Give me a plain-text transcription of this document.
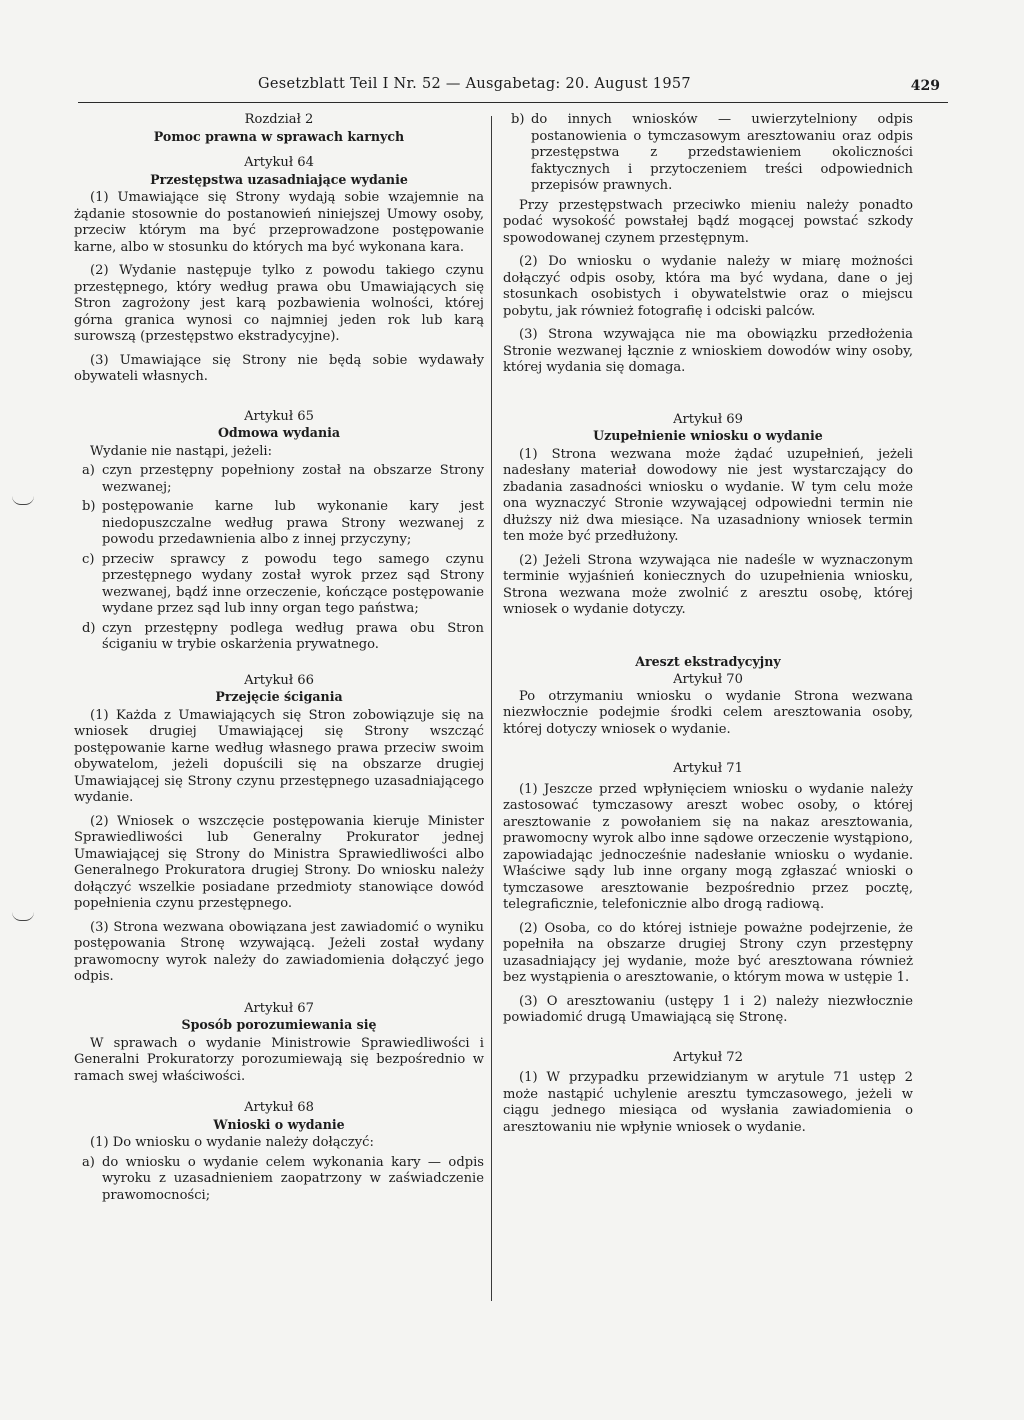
Gesetzblatt Teil I Nr. 52 — Ausgabetag: 20. August 1957	429
Rozdział 2
Pomoc prawna w sprawach karnych
Artykuł 64
Przestępstwa uzasadniające wydanie

(1) Umawiające się Strony wydają sobie wzajemnie na żądanie stosownie do postanowień niniejszej Umowy osoby, przeciw którym ma być przeprowadzone postępowanie karne, albo w stosunku do których ma być wykonana kara.

(2) Wydanie następuje tylko z powodu takiego czynu przestępnego, który według prawa obu Umawiających się Stron zagrożony jest karą pozbawienia wolności, której górna granica wynosi co najmniej jeden rok lub karą surowszą (przestępstwo ekstradycyjne).

(3) Umawiające się Strony nie będą sobie wydawały obywateli własnych.

Artykuł 65
Odmowa wydania

Wydanie nie nastąpi, jeżeli:

a) czyn przestępny popełniony został na obszarze Strony wezwanej;
b) postępowanie karne lub wykonanie kary jest niedopuszczalne według prawa Strony wezwanej z powodu przedawnienia albo z innej przyczyny;
c) przeciw sprawcy z powodu tego samego czynu przestępnego wydany został wyrok przez sąd Strony wezwanej, bądź inne orzeczenie, kończące postępowanie wydane przez sąd lub inny organ tego państwa;
d) czyn przestępny podlega według prawa obu Stron ściganiu w trybie oskarżenia prywatnego.
Artykuł 66
Przejęcie ścigania

(1) Każda z Umawiających się Stron zobowiązuje się na wniosek drugiej Umawiającej się Strony wszcząć postępowanie karne według własnego prawa przeciw swoim obywatelom, jeżeli dopuścili się na obszarze drugiej Umawiającej się Strony czynu przestępnego uzasadniającego wydanie.

(2) Wniosek o wszczęcie postępowania kieruje Minister Sprawiedliwości lub Generalny Prokurator jednej Umawiającej się Strony do Ministra Sprawiedliwości albo Generalnego Prokuratora drugiej Strony. Do wniosku należy dołączyć wszelkie posiadane przedmioty stanowiące dowód popełnienia czynu przestępnego.

(3) Strona wezwana obowiązana jest zawiadomić o wyniku postępowania Stronę wzywającą. Jeżeli został wydany prawomocny wyrok należy do zawiadomienia dołączyć jego odpis.

Artykuł 67
Sposób porozumiewania się

W sprawach o wydanie Ministrowie Sprawiedliwości i Generalni Prokuratorzy porozumiewają się bezpośrednio w ramach swej właściwości.

Artykuł 68
Wnioski o wydanie

(1) Do wniosku o wydanie należy dołączyć:

a) do wniosku o wydanie celem wykonania kary — odpis wyroku z uzasadnieniem zaopatrzony w zaświadczenie prawomocności;
b) do innych wniosków — uwierzytelniony odpis postanowienia o tymczasowym aresztowaniu oraz odpis przestępstwa z przedstawieniem okoliczności faktycznych i przytoczeniem treści odpowiednich przepisów prawnych.

Przy przestępstwach przeciwko mieniu należy ponadto podać wysokość powstałej bądź mogącej powstać szkody spowodowanej czynem przestępnym.

(2) Do wniosku o wydanie należy w miarę możności dołączyć odpis osoby, która ma być wydana, dane o jej stosunkach osobistych i obywatelstwie oraz o miejscu pobytu, jak również fotografię i odciski palców.

(3) Strona wzywająca nie ma obowiązku przedłożenia Stronie wezwanej łącznie z wnioskiem dowodów winy osoby, której wydania się domaga.

Artykuł 69
Uzupełnienie wniosku o wydanie

(1) Strona wezwana może żądać uzupełnień, jeżeli nadesłany materiał dowodowy nie jest wystarczający do zbadania zasadności wniosku o wydanie. W tym celu może ona wyznaczyć Stronie wzywającej odpowiedni termin nie dłuższy niż dwa miesiące. Na uzasadniony wniosek termin ten może być przedłużony.

(2) Jeżeli Strona wzywająca nie nadeśle w wyznaczonym terminie wyjaśnień koniecznych do uzupełnienia wniosku, Strona wezwana może zwolnić z aresztu osobę, której wniosek o wydanie dotyczy.

Areszt ekstradycyjny
Artykuł 70

Po otrzymaniu wniosku o wydanie Strona wezwana niezwłocznie podejmie środki celem aresztowania osoby, której dotyczy wniosek o wydanie.

Artykuł 71

(1) Jeszcze przed wpłynięciem wniosku o wydanie należy zastosować tymczasowy areszt wobec osoby, o której aresztowanie z powołaniem się na nakaz aresztowania, prawomocny wyrok albo inne sądowe orzeczenie wystąpiono, zapowiadając jednocześnie nadesłanie wniosku o wydanie. Właściwe sądy lub inne organy mogą zgłaszać wnioski o tymczasowe aresztowanie bezpośrednio przez pocztę, telegraficznie, telefonicznie albo drogą radiową.

(2) Osoba, co do której istnieje poważne podejrzenie, że popełniła na obszarze drugiej Strony czyn przestępny uzasadniający jej wydanie, może być aresztowana również bez wystąpienia o aresztowanie, o którym mowa w ustępie 1.

(3) O aresztowaniu (ustępy 1 i 2) należy niezwłocznie powiadomić drugą Umawiającą się Stronę.

Artykuł 72

(1) W przypadku przewidzianym w arytule 71 ustęp 2 może nastąpić uchylenie aresztu tymczasowego, jeżeli w ciągu jednego miesiąca od wysłania zawiadomienia o aresztowaniu nie wpłynie wniosek o wydanie.
